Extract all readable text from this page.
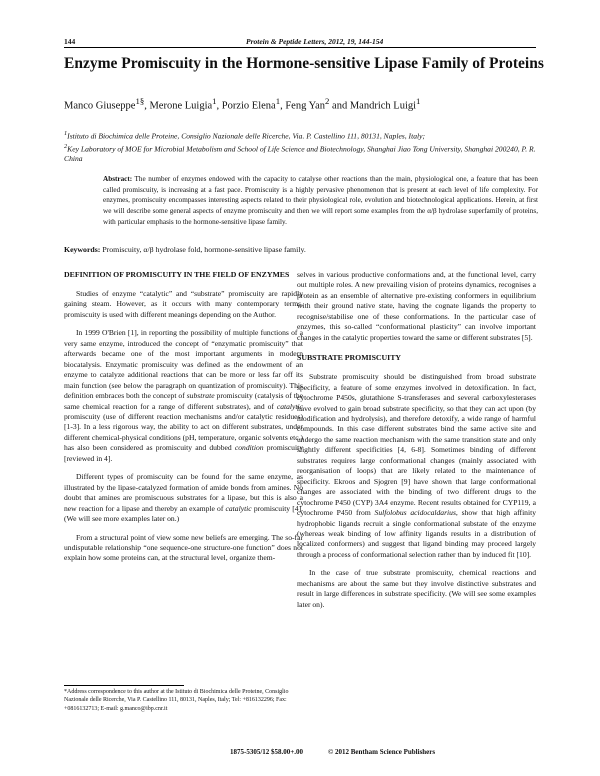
144	Protein & Peptide Letters, 2012, 19, 144-154
Enzyme Promiscuity in the Hormone-sensitive Lipase Family of Proteins
Manco Giuseppe$^{1\S}$, Merone Luigia$^1$, Porzio Elena$^1$, Feng Yan$^2$ and Mandrich Luigi$^1$
$^1$Istituto di Biochimica delle Proteine, Consiglio Nazionale delle Ricerche, Via. P. Castellino 111, 80131, Naples, Italy;
$^2$Key Laboratory of MOE for Microbial Metabolism and School of Life Science and Biotechnology, Shanghai Jiao Tong University, Shanghai 200240, P. R. China
Abstract: The number of enzymes endowed with the capacity to catalyse other reactions than the main, physiological one, a feature that has been called promiscuity, is increasing at a fast pace. Promiscuity is a highly pervasive phenomenon that is present at each level of life complexity. For enzymes, promiscuity encompasses interesting aspects related to their physiological role, evolution and biotechnological applications. Herein, at first we will describe some general aspects of enzyme promiscuity and then we will report some examples from the α/β hydrolase superfamily of proteins, with particular emphasis to the hormone-sensitive lipase family.
Keywords: Promiscuity, α/β hydrolase fold, hormone-sensitive lipase family.
DEFINITION OF PROMISCUITY IN THE FIELD OF ENZYMES

Studies of enzyme “catalytic” and “substrate” promiscuity are rapidly gaining steam. However, as it occurs with many contemporary terms, promiscuity is used with different meanings depending on the Author.

In 1999 O'Brien [1], in reporting the possibility of multiple functions of a very same enzyme, introduced the concept of “enzymatic promiscuity” that afterwards became one of the most important arguments in modern biocatalysis. Enzymatic promiscuity was defined as the endowment of an enzyme to catalyze additional reactions that can be more or less far off its main function (see below the paragraph on quantization of promiscuity). This definition embraces both the concept of substrate promiscuity (catalysis of the same chemical reaction for a range of different substrates), and of catalytic promiscuity (use of different reaction mechanisms and/or catalytic residues) [1-3]. In a less rigorous way, the ability to act on different substrates, under different chemical-physical conditions (pH, temperature, organic solvents etc.) has also been considered as promiscuity and dubbed condition promiscuity [reviewed in 4].

Different types of promiscuity can be found for the same enzyme, as illustrated by the lipase-catalyzed formation of amide bonds from amines. No doubt that amines are promiscuous substrates for a lipase, but this is also a new reaction for a lipase and thereby an example of catalytic promiscuity [4]. (We will see more examples later on.)

From a structural point of view some new beliefs are emerging. The so-far undisputable relationship “one sequence-one structure-one function” does not explain how some proteins can, at the structural level, organize them-

selves in various productive conformations and, at the functional level, carry out multiple roles. A new prevailing vision of proteins dynamics, recognises a protein as an ensemble of alternative pre-existing conformers in equilibrium with their ground native state, having the cognate ligands the property to recognise/stabilise one of these conformations. In the particular case of enzymes, this so-called “conformational plasticity” can involve important changes in the catalytic properties toward the same or different substrates [5].

SUBSTRATE PROMISCUITY

Substrate promiscuity should be distinguished from broad substrate specificity, a feature of some enzymes involved in detoxification. In fact, cytochrome P450s, glutathione S-transferases and several carboxylesterases have evolved to gain broad substrate specificity, so that they can act upon (by modification and hydrolysis), and therefore detoxify, a wide range of harmful compounds. In this case different substrates bind the same active site and undergo the same reaction mechanism with the same transition state and only slightly different specificities [4, 6-8]. Sometimes binding of different substrates requires large conformational changes (mainly associated with reorganisation of loops) that are likely related to the maintenance of specificity. Ekroos and Sjogren [9] have shown that large conformational changes are associated with the binding of two different drugs to the cytochrome P450 (CYP) 3A4 enzyme. Recent results obtained for CYP119, a cytochrome P450 from Sulfolobus acidocaldarius, show that high affinity hydrophobic ligands recruit a single conformational substate of the enzyme (whereas weak binding of low affinity ligands results in a distribution of localized conformers) and suggest that ligand binding may proceed largely through a process of conformational selection rather than by induced fit [10].

In the case of true substrate promiscuity, chemical reactions and mechanisms are about the same but they involve distinctive substrates and result in large differences in substrate specificity. (We will see some examples later on).

*Address correspondence to this author at the Istituto di Biochimica delle Proteine, Consiglio Nazionale delle Ricerche, Via P. Castellino 111, 80131, Naples, Italy; Tel: +816132296; Fax: +0816132713; E-mail: g.manco@ibp.cnr.it
1875-5305/12 $58.00+.00	© 2012 Bentham Science Publishers
